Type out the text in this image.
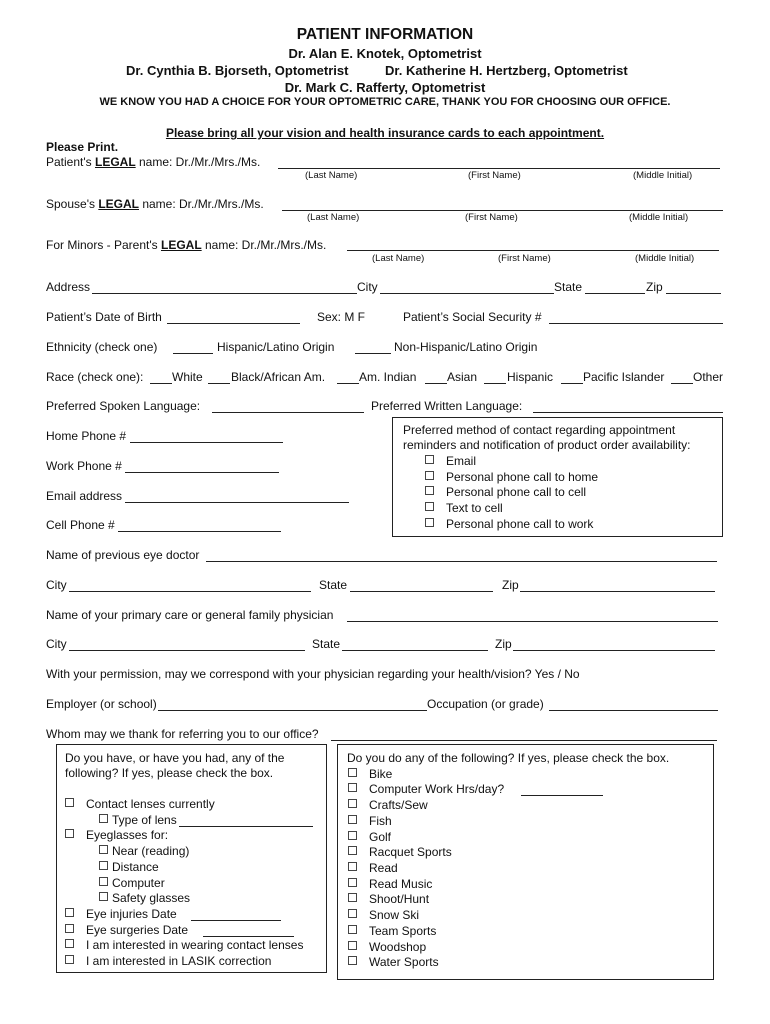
PATIENT INFORMATION
Dr. Alan E. Knotek, Optometrist
Dr. Cynthia B. Bjorseth, Optometrist	Dr. Katherine H. Hertzberg, Optometrist
Dr. Mark C. Rafferty, Optometrist
WE KNOW YOU HAD A CHOICE FOR YOUR OPTOMETRIC CARE, THANK YOU FOR CHOOSING OUR OFFICE.
Please bring all your vision and health insurance cards to each appointment.
Please Print.
Patient's LEGAL name: Dr./Mr./Mrs./Ms.
(Last Name)	(First Name)	(Middle Initial)
Spouse's LEGAL name: Dr./Mr./Mrs./Ms.
(Last Name)	(First Name)	(Middle Initial)
For Minors - Parent's LEGAL name: Dr./Mr./Mrs./Ms.
(Last Name)	(First Name)	(Middle Initial)
Address	City	State	Zip
Patient’s Date of Birth	Sex: M F	Patient’s Social Security #
Ethnicity (check one)	Hispanic/Latino Origin	Non-Hispanic/Latino Origin
Race (check one): White Black/African Am.	Am. Indian	Asian Hispanic Pacific Islander Other
Preferred Spoken Language:	Preferred Written Language:
Home Phone #
Work Phone #
Email address
Cell Phone #
Preferred method of contact regarding appointment
reminders and notification of product order availability:
Email
Personal phone call to home
Personal phone call to cell
Text to cell
Personal phone call to work
Name of previous eye doctor
City	State	Zip
Name of your primary care or general family physician
City	State	Zip
With your permission, may we correspond with your physician regarding your health/vision? Yes / No
Employer (or school)	Occupation (or grade)
Whom may we thank for referring you to our office?
Do you have, or have you had, any of the
following? If yes, please check the box.
Contact lenses currently
Type of lens
Eyeglasses for:
Near (reading)
Distance
Computer
Safety glasses
Eye injuries Date
Eye surgeries Date
I am interested in wearing contact lenses
I am interested in LASIK correction
Do you do any of the following? If yes, please check the box.
Bike
Computer Work Hrs/day?
Crafts/Sew
Fish
Golf
Racquet Sports
Read
Read Music
Shoot/Hunt
Snow Ski
Team Sports
Woodshop
Water Sports
